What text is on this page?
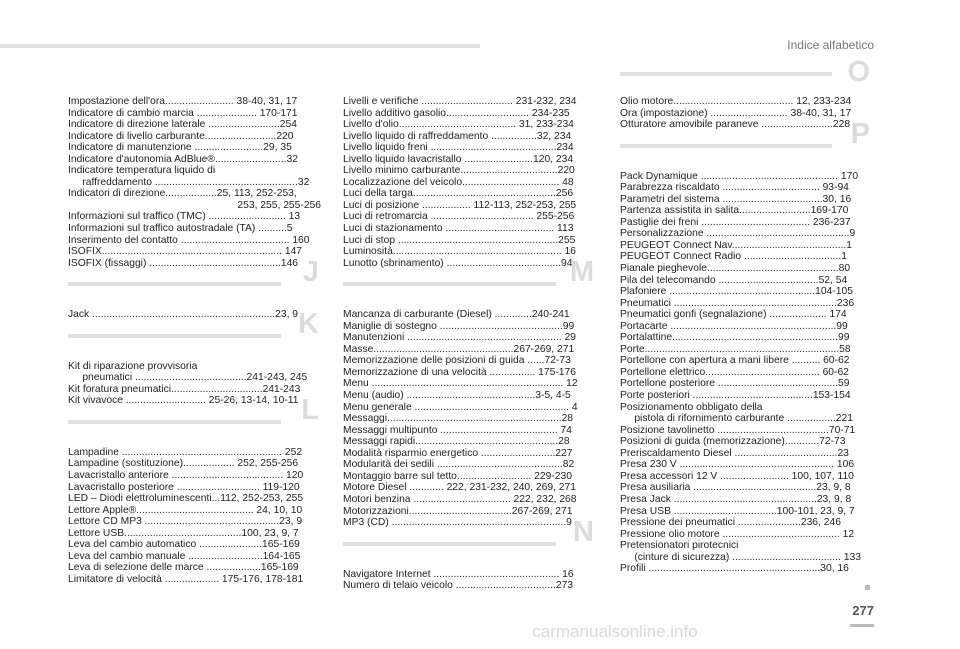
Indice alfabetico
Impostazione dell'ora........................ 38-40, 31, 17
Indicatore di cambio marcia ..................... 170-171
Indicatore di direzione laterale .........................254
Indicatore di livello carburante.........................220
Indicatore di manutenzione ........................29, 35
Indicatore d'autonomia AdBlue®.........................32
Indicatore temperatura liquido di
raffreddamento ..................................................32
Indicatori di direzione..................25, 113, 252-253,
253, 255, 255-256
Informazioni sul traffico (TMC) ........................... 13
Informazioni sul traffico autostradale (TA) ..........5
Inserimento del contatto ...................................... 160
ISOFIX............................................................... 147
ISOFIX (fissaggi) ..............................................146 J
Jack ................................................................23, 9 K
Kit di riparazione provvisoria
pneumatici .......................................241-243, 245
Kit foratura pneumatici................................241-243
Kit vivavoce ............................ 25-26, 13-14, 10-11 L
Lampadine ........................................................ 252
Lampadine (sostituzione).................. 252, 255-256
Lavacristallo anteriore ....................................... 120
Lavacristallo posteriore ............................. 119-120
LED – Diodi elettroluminescenti...112, 252-253, 255
Lettore Apple®......................................... 24, 10, 10
Lettore CD MP3 ...............................................23, 9
Lettore USB.........................................100, 23, 9, 7
Leva del cambio automatico ......................165-169
Leva del cambio manuale ..........................164-165
Leva di selezione delle marce ...................165-169
Limitatore di velocità ................... 175-176, 178-181
Livelli e verifiche ................................ 231-232, 234
Livello additivo gasolio............................. 234-235
Livello d'olio......................................... 31, 233-234
Livello liquido di raffreddamento ................32, 234
Livello liquido freni ............................................234
Livello liquido lavacristallo ........................120, 234
Livello minimo carburante..................................220
Localizzazione del veicolo.................................. 48
Luci della targa..................................................256
Luci di posizione ................. 112-113, 252-253, 255
Luci di retromarcia .................................... 255-256
Luci di stazionamento ...................................... 113
Luci di stop ........................................................255
Luminosità........................................................... 16
Lunotto (sbrinamento) ........................................94
M
Mancanza di carburante (Diesel) .............240-241
Maniglie di sostegno ...........................................99
Manutenzioni ...................................................... 29
Masse.................................................267-269, 271
Memorizzazione delle posizioni di guida ......72-73
Memorizzazione di una velocità ................ 175-176
Menu ................................................................... 12
Menu (audio) .............................................3-5, 4-5
Menu generale ...................................................... 4
Messaggi.............................................................28
Messaggi multipunto ......................................... 74
Messaggi rapidi..................................................28
Modalità risparmio energetico ..........................227
Modularità dei sedili ............................................82
Montaggio barre sul tetto.......................... 229-230
Motore Diesel ............ 222, 231-232, 240, 269, 271
Motori benzina .................................. 222, 232, 268
Motorizzazioni....................................267-269, 271
MP3 (CD) .............................................................9 N
Navigatore Internet ............................................ 16
Numero di telaio veicolo ...................................273
Olio motore.......................................... 12, 233-234
Ora (impostazione) ........................... 38-40, 31, 17
Otturatore amovibile paraneve .........................228 P
Pack Dynamique ................................................ 170
Parabrezza riscaldato .................................. 93-94
Parametri del sistema ...................................30, 16
Partenza assistita in salita.........................169-170
Pastiglie dei freni ...................................... 236-237
Personalizzazione ..................................................9
PEUGEOT Connect Nav........................................1
PEUGEOT Connect Radio ..................................1
Pianale pieghevole..............................................80
Pila del telecomando ...................................52, 54
Plafoniere ...................................................104-105
Pneumatici .........................................................236
Pneumatici gonfi (segnalazione) .................... 174
Portacarte ..........................................................99
Portalattine..........................................................99
Porte....................................................................58
Portellone con apertura a mani libere .......... 60-62
Portellone elettrico........................................ 60-62
Portellone posteriore ..........................................59
Porte posteriori ..........................................153-154
Posizionamento obbligato della
pistola di rifornimento carburante .................221
Posizione tavolinetto .......................................70-71
Posizioni di guida (memorizzazione)............72-73
Preriscaldamento Diesel ....................................23
Presa 230 V ...................................................... 106
Presa accessori 12 V ........................ 100, 107, 110
Presa ausiliaria ...........................................23, 9, 8
Presa Jack ..................................................23, 9, 8
Presa USB ....................................100-101, 23, 9, 7
Pressione dei pneumatici ......................236, 246
Pressione olio motore ......................................... 12
Pretensionatori pirotecnici
(cinture di sicurezza) ...................................... 133
Profili ............................................................30, 16
O
277
carmanualsonline.info
